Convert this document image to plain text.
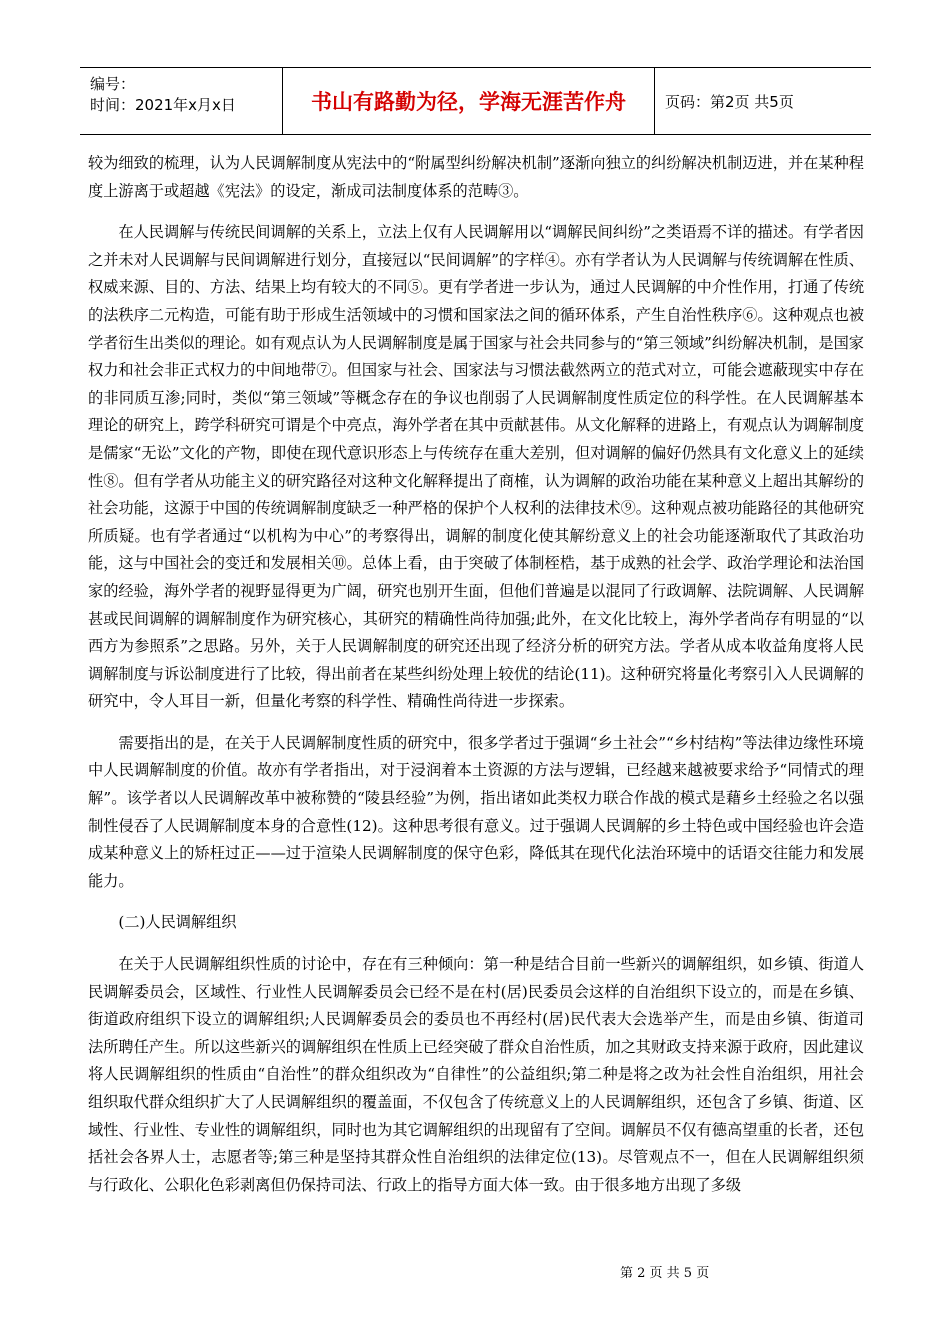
编号：
时间：2021年x月x日	书山有路勤为径，学海无涯苦作舟	页码：第2页 共5页

较为细致的梳理，认为人民调解制度从宪法中的“附属型纠纷解决机制”逐渐向独立的纠纷解决机制迈进，并在某种程度上游离于或超越《宪法》的设定，渐成司法制度体系的范畴③。

在人民调解与传统民间调解的关系上，立法上仅有人民调解用以“调解民间纠纷”之类语焉不详的描述。有学者因之并未对人民调解与民间调解进行划分，直接冠以“民间调解”的字样④。亦有学者认为人民调解与传统调解在性质、权威来源、目的、方法、结果上均有较大的不同⑤。更有学者进一步认为，通过人民调解的中介性作用，打通了传统的法秩序二元构造，可能有助于形成生活领域中的习惯和国家法之间的循环体系，产生自治性秩序⑥。这种观点也被学者衍生出类似的理论。如有观点认为人民调解制度是属于国家与社会共同参与的“第三领域”纠纷解决机制，是国家权力和社会非正式权力的中间地带⑦。但国家与社会、国家法与习惯法截然两立的范式对立，可能会遮蔽现实中存在的非同质互渗;同时，类似“第三领域”等概念存在的争议也削弱了人民调解制度性质定位的科学性。在人民调解基本理论的研究上，跨学科研究可谓是个中亮点，海外学者在其中贡献甚伟。从文化解释的进路上，有观点认为调解制度是儒家“无讼”文化的产物，即使在现代意识形态上与传统存在重大差别，但对调解的偏好仍然具有文化意义上的延续性⑧。但有学者从功能主义的研究路径对这种文化解释提出了商榷，认为调解的政治功能在某种意义上超出其解纷的社会功能，这源于中国的传统调解制度缺乏一种严格的保护个人权利的法律技术⑨。这种观点被功能路径的其他研究所质疑。也有学者通过“以机构为中心”的考察得出，调解的制度化使其解纷意义上的社会功能逐渐取代了其政治功能，这与中国社会的变迁和发展相关⑩。总体上看，由于突破了体制桎梏，基于成熟的社会学、政治学理论和法治国家的经验，海外学者的视野显得更为广阔，研究也别开生面，但他们普遍是以混同了行政调解、法院调解、人民调解甚或民间调解的调解制度作为研究核心，其研究的精确性尚待加强;此外，在文化比较上，海外学者尚存有明显的“以西方为参照系”之思路。另外，关于人民调解制度的研究还出现了经济分析的研究方法。学者从成本收益角度将人民调解制度与诉讼制度进行了比较，得出前者在某些纠纷处理上较优的结论(11)。这种研究将量化考察引入人民调解的研究中，令人耳目一新，但量化考察的科学性、精确性尚待进一步探索。

需要指出的是，在关于人民调解制度性质的研究中，很多学者过于强调“乡土社会”“乡村结构”等法律边缘性环境中人民调解制度的价值。故亦有学者指出，对于浸润着本土资源的方法与逻辑，已经越来越被要求给予“同情式的理解”。该学者以人民调解改革中被称赞的“陵县经验”为例，指出诸如此类权力联合作战的模式是藉乡土经验之名以强制性侵吞了人民调解制度本身的合意性(12)。这种思考很有意义。过于强调人民调解的乡土特色或中国经验也许会造成某种意义上的矫枉过正——过于渲染人民调解制度的保守色彩，降低其在现代化法治环境中的话语交往能力和发展能力。

(二)人民调解组织

在关于人民调解组织性质的讨论中，存在有三种倾向：第一种是结合目前一些新兴的调解组织，如乡镇、街道人民调解委员会，区域性、行业性人民调解委员会已经不是在村(居)民委员会这样的自治组织下设立的，而是在乡镇、街道政府组织下设立的调解组织;人民调解委员会的委员也不再经村(居)民代表大会选举产生，而是由乡镇、街道司法所聘任产生。所以这些新兴的调解组织在性质上已经突破了群众自治性质，加之其财政支持来源于政府，因此建议将人民调解组织的性质由“自治性”的群众组织改为“自律性”的公益组织;第二种是将之改为社会性自治组织，用社会组织取代群众组织扩大了人民调解组织的覆盖面，不仅包含了传统意义上的人民调解组织，还包含了乡镇、街道、区域性、行业性、专业性的调解组织，同时也为其它调解组织的出现留有了空间。调解员不仅有德高望重的长者，还包括社会各界人士，志愿者等;第三种是坚持其群众性自治组织的法律定位(13)。尽管观点不一，但在人民调解组织须与行政化、公职化色彩剥离但仍保持司法、行政上的指导方面大体一致。由于很多地方出现了多级

第 2 页 共 5 页
